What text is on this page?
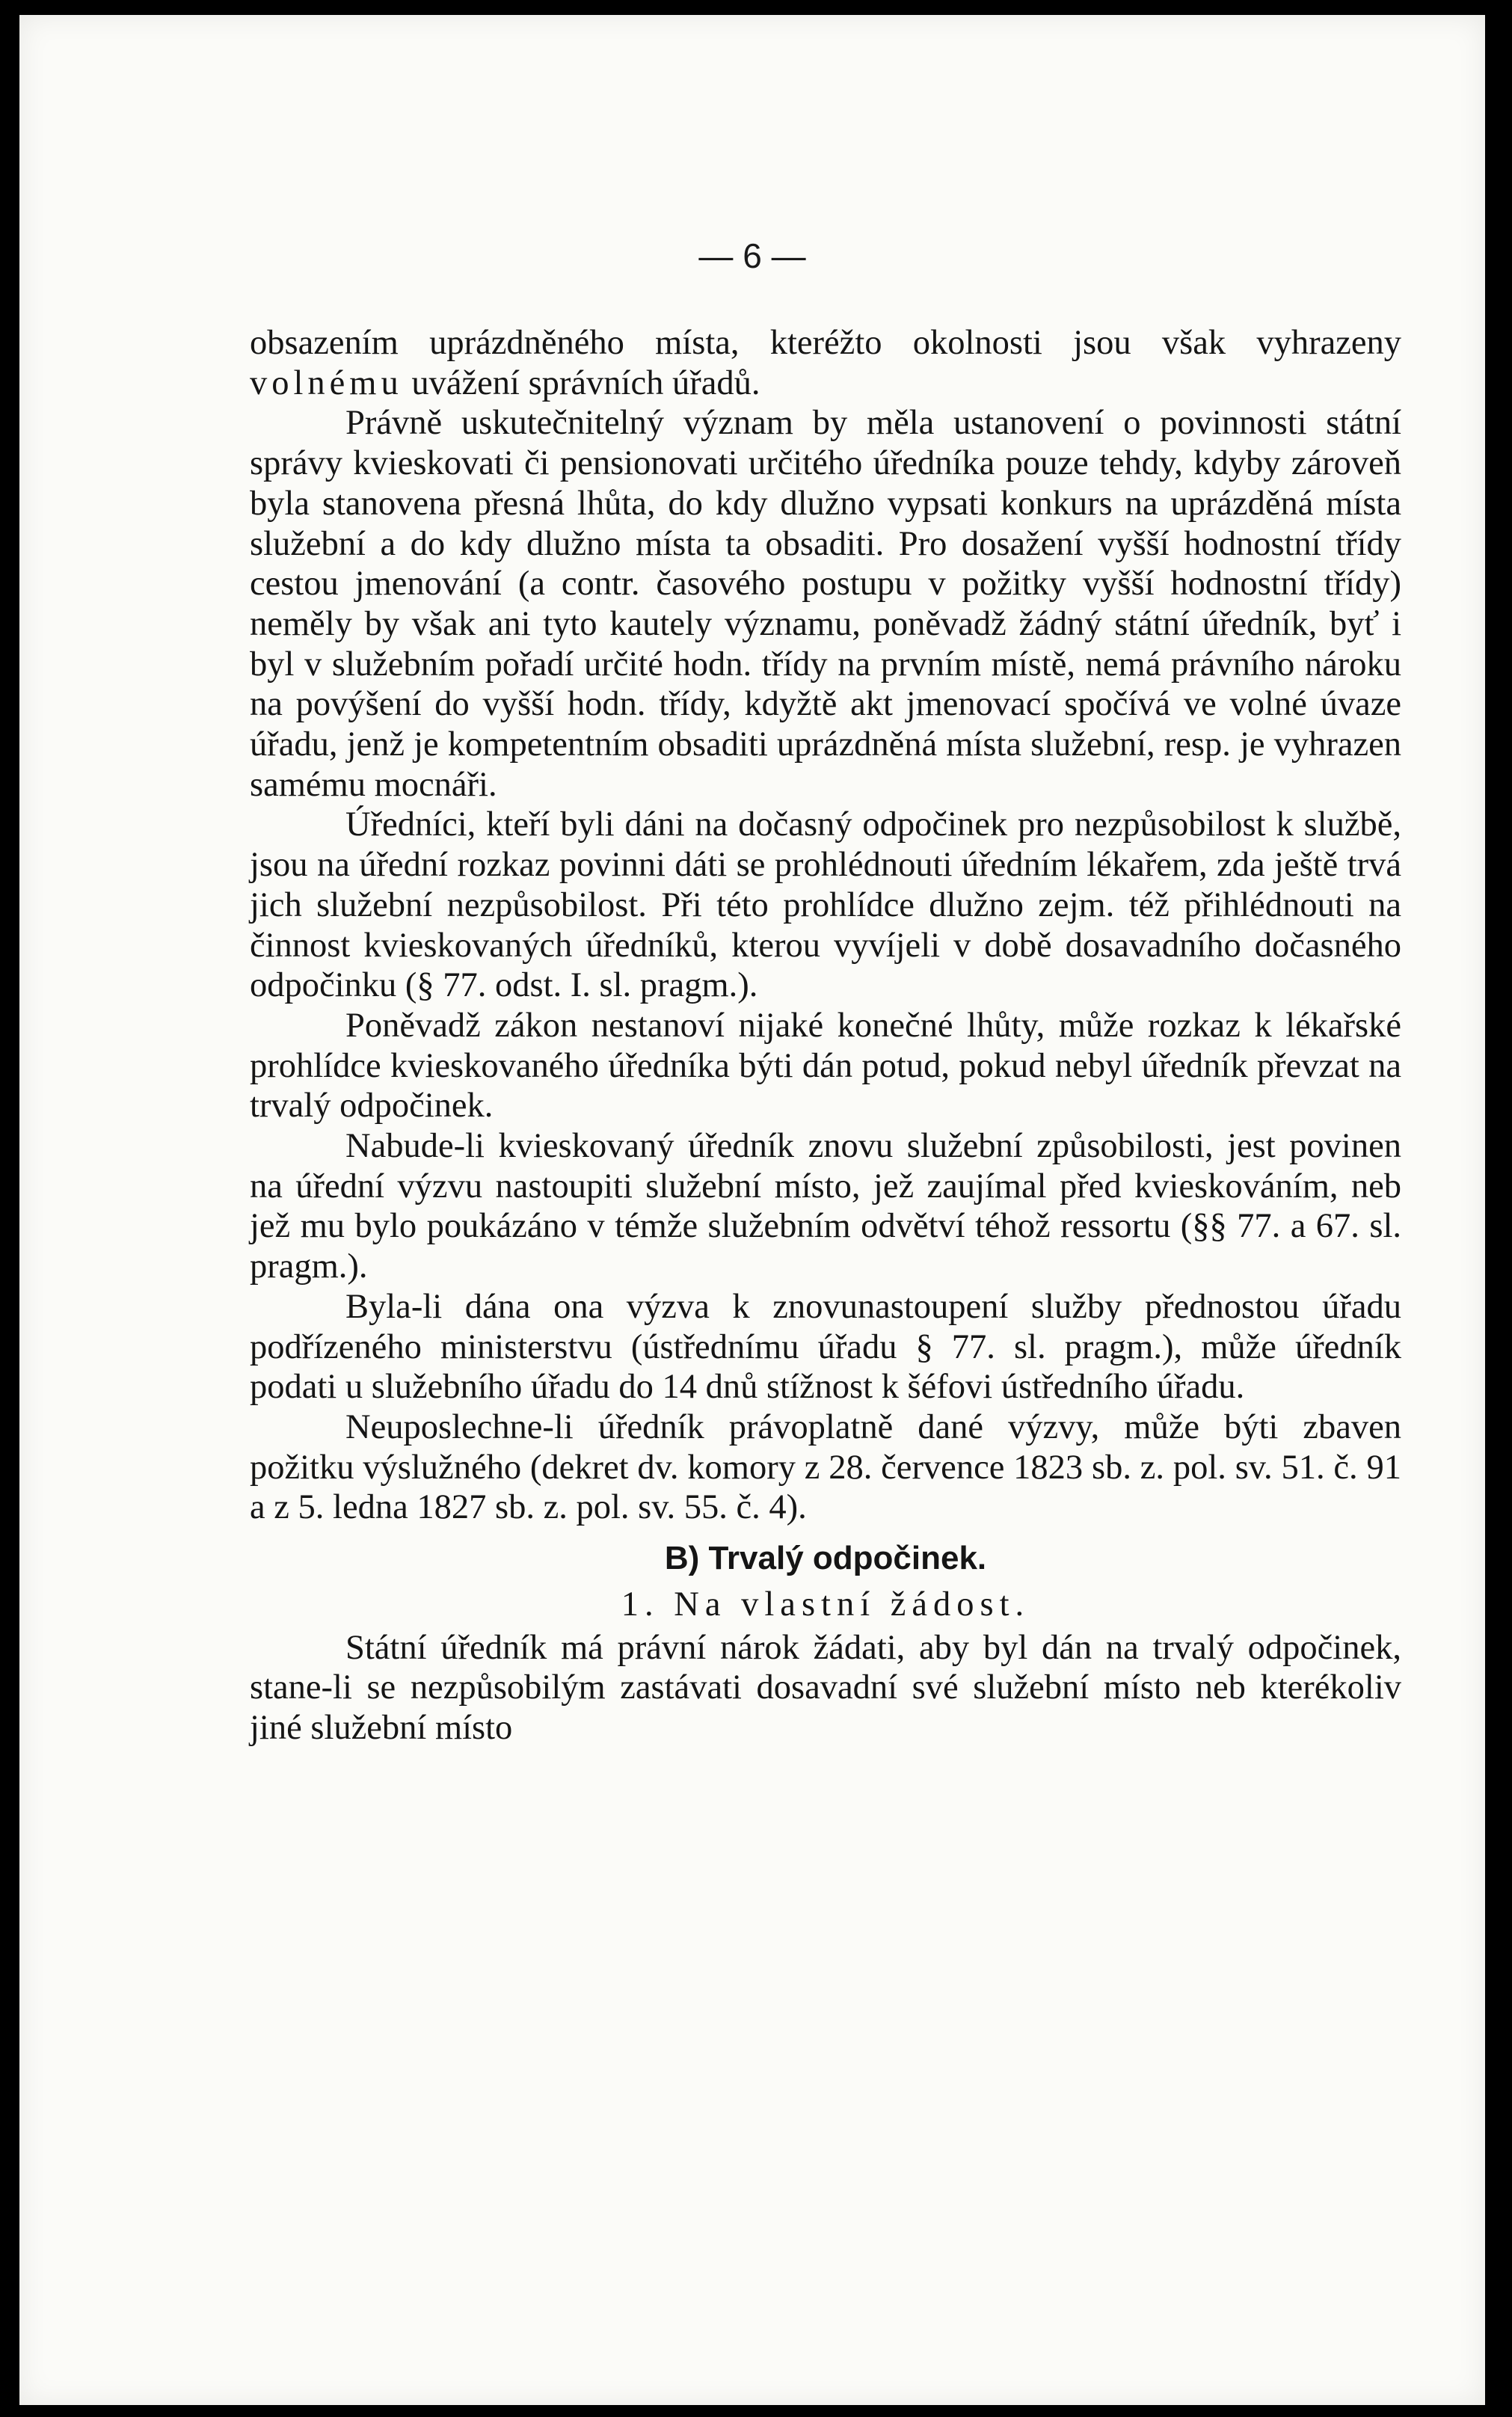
— 6 —

obsazením uprázdněného místa, kteréžto okolnosti jsou však vyhrazeny volnému uvážení správních úřadů.

Právně uskutečnitelný význam by měla ustanovení o povinnosti státní správy kvieskovati či pensionovati určitého úředníka pouze tehdy, kdyby zároveň byla stanovena přesná lhůta, do kdy dlužno vypsati konkurs na uprázděná místa služební a do kdy dlužno místa ta obsaditi. Pro dosažení vyšší hodnostní třídy cestou jmenování (a contr. časového postupu v požitky vyšší hodnostní třídy) neměly by však ani tyto kautely významu, poněvadž žádný státní úředník, byť i byl v služebním pořadí určité hodn. třídy na prvním místě, nemá právního nároku na povýšení do vyšší hodn. třídy, kdyžtě akt jmenovací spočívá ve volné úvaze úřadu, jenž je kompetentním obsaditi uprázdněná místa služební, resp. je vyhrazen samému mocnáři.

Úředníci, kteří byli dáni na dočasný odpočinek pro nezpůsobilost k službě, jsou na úřední rozkaz povinni dáti se prohlédnouti úředním lékařem, zda ještě trvá jich služební nezpůsobilost. Při této prohlídce dlužno zejm. též přihlédnouti na činnost kvieskovaných úředníků, kterou vyvíjeli v době dosavadního dočasného odpočinku (§ 77. odst. I. sl. pragm.).

Poněvadž zákon nestanoví nijaké konečné lhůty, může rozkaz k lékařské prohlídce kvieskovaného úředníka býti dán potud, pokud nebyl úředník převzat na trvalý odpočinek.

Nabude-li kvieskovaný úředník znovu služební způsobilosti, jest povinen na úřední výzvu nastoupiti služební místo, jež zaujímal před kvieskováním, neb jež mu bylo poukázáno v témže služebním odvětví téhož ressortu (§§ 77. a 67. sl. pragm.).

Byla-li dána ona výzva k znovunastoupení služby přednostou úřadu podřízeného ministerstvu (ústřednímu úřadu § 77. sl. pragm.), může úředník podati u služebního úřadu do 14 dnů stížnost k šéfovi ústředního úřadu.

Neuposlechne-li úředník právoplatně dané výzvy, může býti zbaven požitku výslužného (dekret dv. komory z 28. července 1823 sb. z. pol. sv. 51. č. 91 a z 5. ledna 1827 sb. z. pol. sv. 55. č. 4).

B) Trvalý odpočinek.
1. Na vlastní žádost.

Státní úředník má právní nárok žádati, aby byl dán na trvalý odpočinek, stane-li se nezpůsobilým zastávati dosavadní své služební místo neb kterékoliv jiné služební místo
